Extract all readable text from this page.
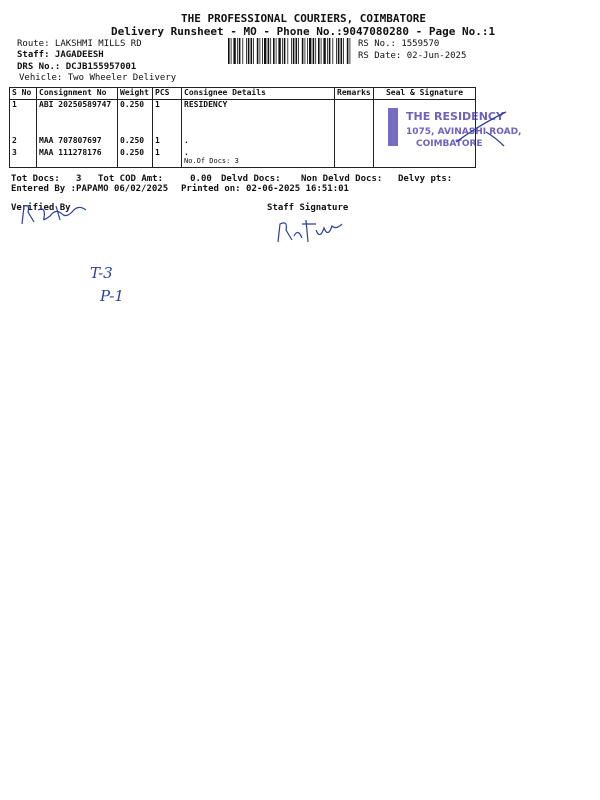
THE PROFESSIONAL COURIERS, COIMBATORE
Delivery Runsheet - MO - Phone No.:9047080280 - Page No.:1
Route: LAKSHMI MILLS RD
Staff: JAGADEESH
DRS No.: DCJB155957001
Vehicle: Two Wheeler Delivery
RS No.: 1559570
RS Date: 02-Jun-2025
S No	Consignment No	Weight	PCS	Consignee Details	Remarks	Seal & Signature
1	ABI 20250589747	0.250	1	RESIDENCY		
2	MAA 707807697	0.250	1	.		
3	MAA 111278176	0.250	1	.
No.Of Docs: 3		

THE RESIDENCY
1075, AVINASHI ROAD,
COIMBATORE
Tot Docs: 3 Tot COD Amt:	0.00 Delvd Docs: Non Delvd Docs: Delvy pts:
Entered By :PAPAMO 06/02/2025 Printed on: 02-06-2025 16:51:01
Verified By	Staff Signature
T-3
P-1
